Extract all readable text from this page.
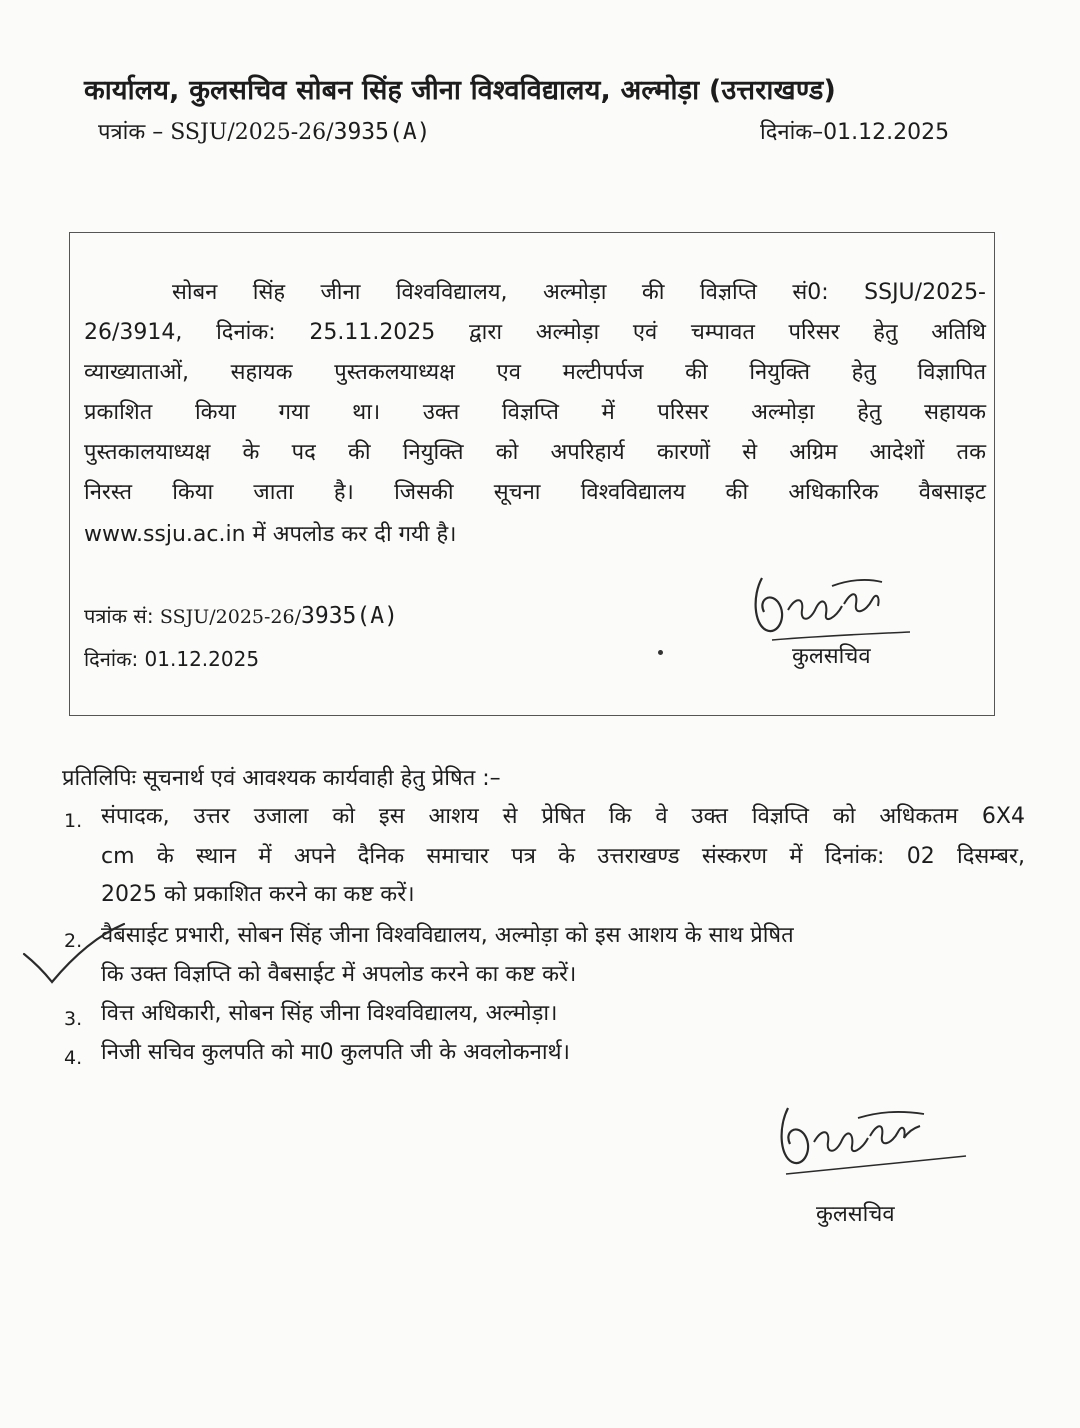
कार्यालय, कुलसचिव सोबन सिंह जीना विश्वविद्यालय, अल्मोड़ा (उत्तराखण्ड)
पत्रांक – SSJU/2025-26/3935(A)	दिनांक–01.12.2025
सोबन सिंह जीना विश्वविद्यालय, अल्मोड़ा की विज्ञप्ति सं0: SSJU/2025-
26/3914, दिनांक: 25.11.2025 द्वारा अल्मोड़ा एवं चम्पावत परिसर हेतु अतिथि
व्याख्याताओं, सहायक पुस्तकलयाध्यक्ष एव मल्टीपर्पज की नियुक्ति हेतु विज्ञापित
प्रकाशित किया गया था। उक्त विज्ञप्ति में परिसर अल्मोड़ा हेतु सहायक
पुस्तकालयाध्यक्ष के पद की नियुक्ति को अपरिहार्य कारणों से अग्रिम आदेशों तक
निरस्त किया जाता है। जिसकी सूचना विश्वविद्यालय की अधिकारिक वैबसाइट
www.ssju.ac.in में अपलोड कर दी गयी है।
पत्रांक सं: SSJU/2025-26/3935(A)
दिनांक: 01.12.2025	कुलसचिव
प्रतिलिपिः सूचनार्थ एवं आवश्यक कार्यवाही हेतु प्रेषित :–
1. संपादक, उत्तर उजाला को इस आशय से प्रेषित कि वे उक्त विज्ञप्ति को अधिकतम 6X4
cm के स्थान में अपने दैनिक समाचार पत्र के उत्तराखण्ड संस्करण में दिनांक: 02 दिसम्बर,
2025 को प्रकाशित करने का कष्ट करें।
2. वैबसाईट प्रभारी, सोबन सिंह जीना विश्वविद्यालय, अल्मोड़ा को इस आशय के साथ प्रेषित
कि उक्त विज्ञप्ति को वैबसाईट में अपलोड करने का कष्ट करें।
3. वित्त अधिकारी, सोबन सिंह जीना विश्वविद्यालय, अल्मोड़ा।
4. निजी सचिव कुलपति को मा0 कुलपति जी के अवलोकनार्थ।
कुलसचिव
